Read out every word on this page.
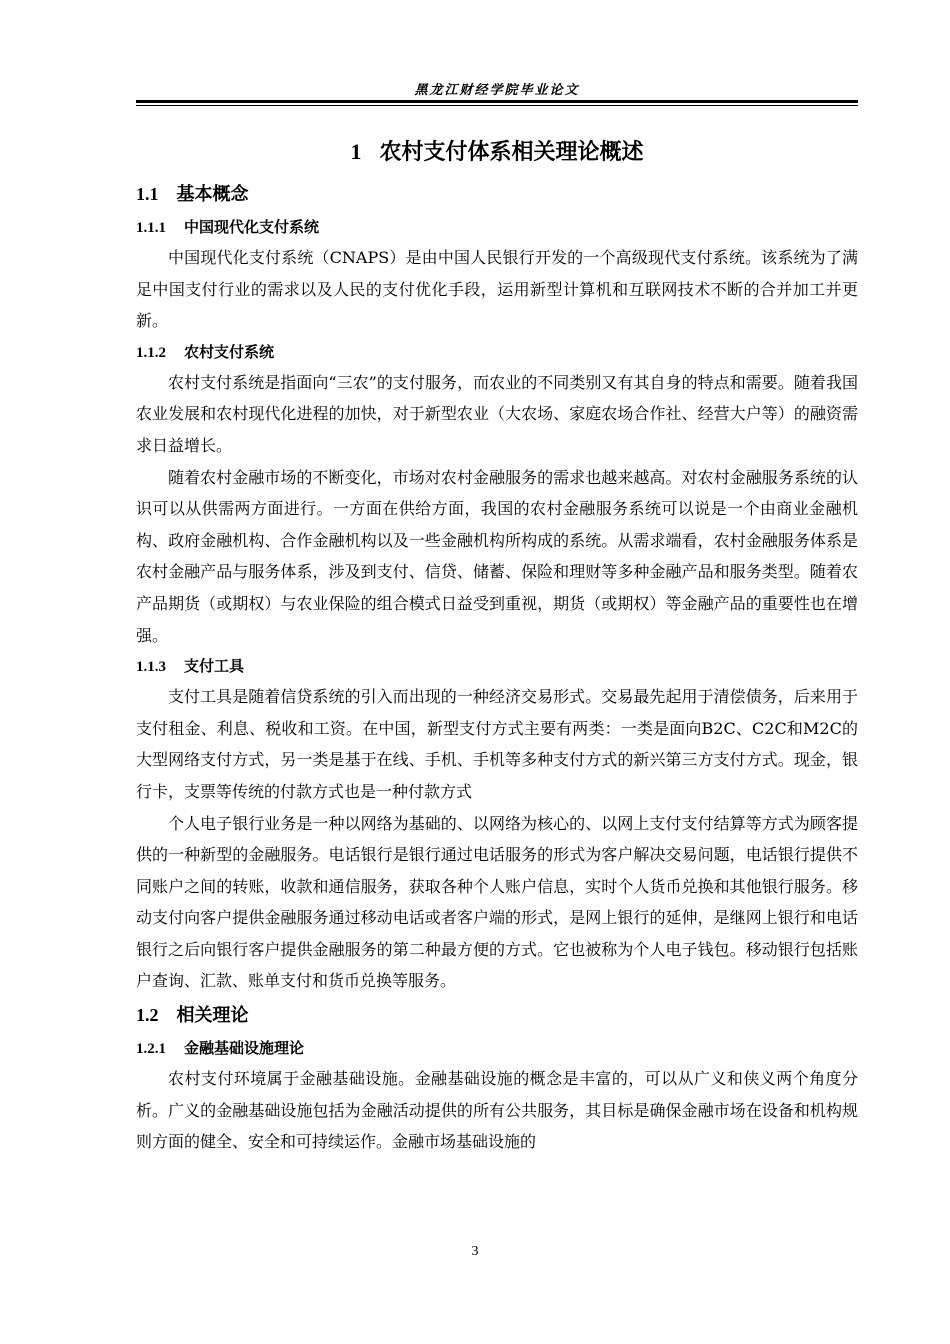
黑龙江财经学院毕业论文
1 农村支付体系相关理论概述
1.1 基本概念
1.1.1 中国现代化支付系统

中国现代化支付系统（CNAPS）是由中国人民银行开发的一个高级现代支付系统。该系统为了满足中国支付行业的需求以及人民的支付优化手段，运用新型计算机和互联网技术不断的合并加工并更新。

1.1.2 农村支付系统

农村支付系统是指面向“三农”的支付服务，而农业的不同类别又有其自身的特点和需要。随着我国农业发展和农村现代化进程的加快，对于新型农业（大农场、家庭农场合作社、经营大户等）的融资需求日益增长。

随着农村金融市场的不断变化，市场对农村金融服务的需求也越来越高。对农村金融服务系统的认识可以从供需两方面进行。一方面在供给方面，我国的农村金融服务系统可以说是一个由商业金融机构、政府金融机构、合作金融机构以及一些金融机构所构成的系统。从需求端看，农村金融服务体系是农村金融产品与服务体系，涉及到支付、信贷、储蓄、保险和理财等多种金融产品和服务类型。随着农产品期货（或期权）与农业保险的组合模式日益受到重视，期货（或期权）等金融产品的重要性也在增强。

1.1.3 支付工具

支付工具是随着信贷系统的引入而出现的一种经济交易形式。交易最先起用于清偿债务，后来用于支付租金、利息、税收和工资。在中国，新型支付方式主要有两类：一类是面向B2C、C2C和M2C的大型网络支付方式，另一类是基于在线、手机、手机等多种支付方式的新兴第三方支付方式。现金，银行卡，支票等传统的付款方式也是一种付款方式

个人电子银行业务是一种以网络为基础的、以网络为核心的、以网上支付支付结算等方式为顾客提供的一种新型的金融服务。电话银行是银行通过电话服务的形式为客户解决交易问题，电话银行提供不同账户之间的转账，收款和通信服务，获取各种个人账户信息，实时个人货币兑换和其他银行服务。移动支付向客户提供金融服务通过移动电话或者客户端的形式，是网上银行的延伸，是继网上银行和电话银行之后向银行客户提供金融服务的第二种最方便的方式。它也被称为个人电子钱包。移动银行包括账户查询、汇款、账单支付和货币兑换等服务。

1.2 相关理论
1.2.1 金融基础设施理论

农村支付环境属于金融基础设施。金融基础设施的概念是丰富的，可以从广义和侠义两个角度分析。广义的金融基础设施包括为金融活动提供的所有公共服务，其目标是确保金融市场在设备和机构规则方面的健全、安全和可持续运作。金融市场基础设施的

3
